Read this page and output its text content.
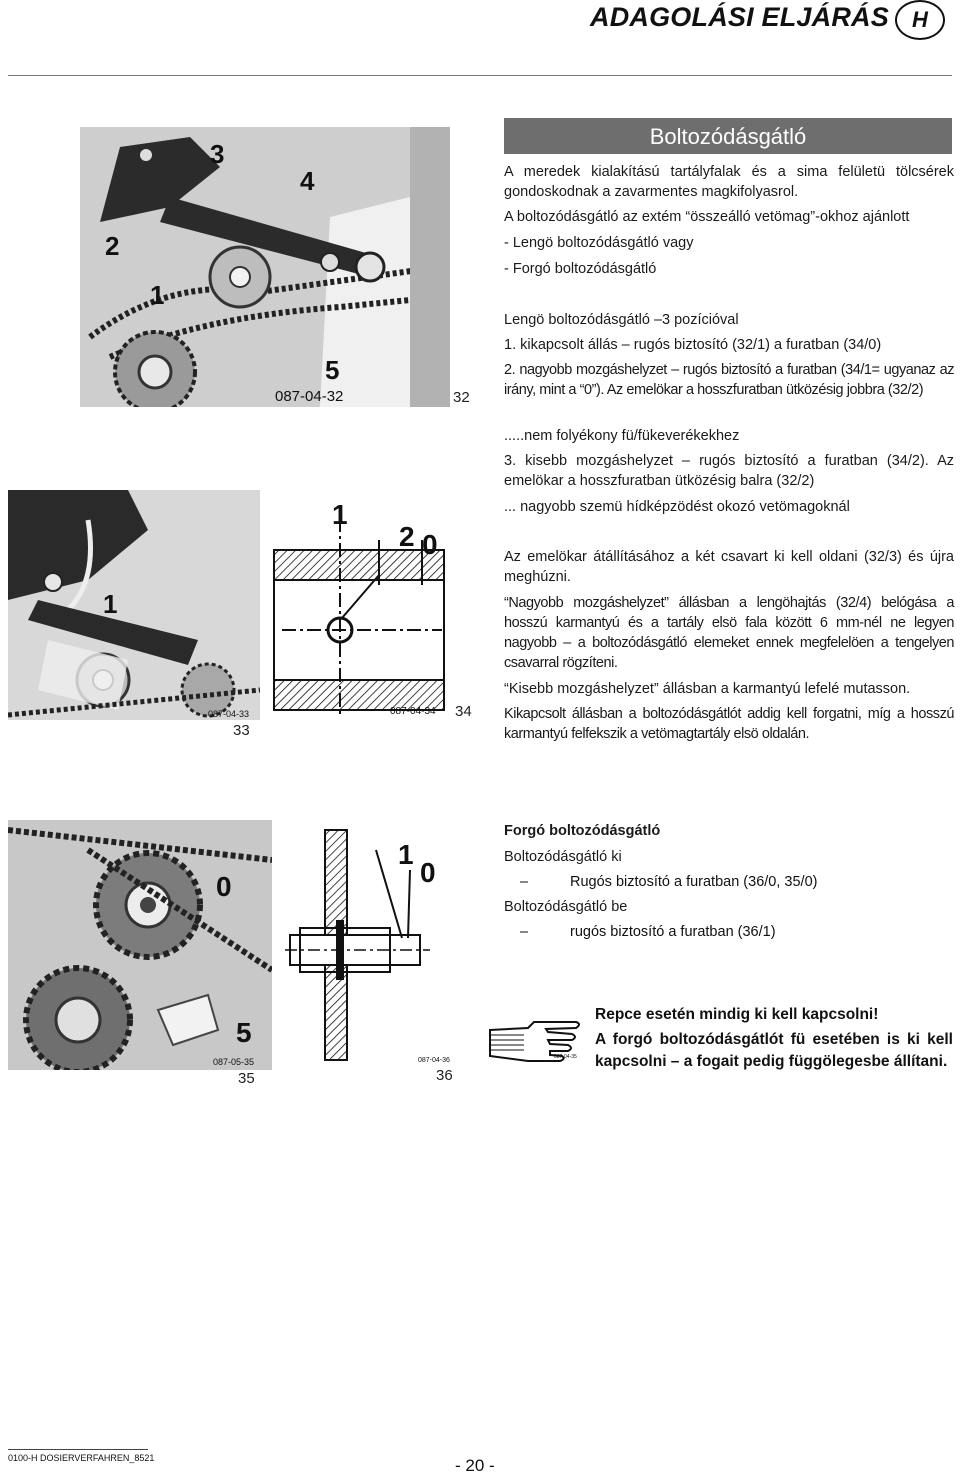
ADAGOLÁSI ELJÁRÁS	H
Boltozódásgátló
A meredek kialakítású tartályfalak és a sima felületü tölcsérek gondoskodnak a zavarmentes magkifolyasrol.
A boltozódásgátló az extém “összeálló vetömag”-okhoz ajánlott
- Lengö boltozódásgátló vagy
- Forgó boltozódásgátló
Lengö boltozódásgátló –3 pozícióval
1. kikapcsolt állás – rugós biztosító (32/1) a furatban (34/0)
2. nagyobb mozgáshelyzet – rugós biztosító a furatban (34/1= ugyanaz az irány, mint a “0”). Az emelökar a hosszfuratban ütközésig jobbra (32/2)
.....nem folyékony fü/fükeverékekhez
3. kisebb mozgáshelyzet – rugós biztosító a furatban (34/2). Az emelökar a hosszfuratban ütközésig balra (32/2)
... nagyobb szemü hídképzödést okozó vetömagoknál
Az emelökar átállításához a két csavart ki kell oldani (32/3) és újra meghúzni.
“Nagyobb mozgáshelyzet” állásban a lengöhajtás (32/4) belógása a hosszú karmantyú és a tartály elsö fala között 6 mm-nél ne legyen nagyobb – a boltozódásgátló elemeket ennek megfelelöen a tengelyen csavarral rögzíteni.
“Kisebb mozgáshelyzet” állásban a karmantyú lefelé mutasson.
Kikapcsolt állásban a boltozódásgátlót addig kell forgatni, míg a hosszú karmantyú felfekszik a vetömagtartály elsö oldalán.
2
3
4
1
5
087-04-32	32
1
087-04-33
33
1
2 0
087-04-34 34
0
5
087-05-35
35
1
0
087-04-36
36
Forgó boltozódásgátló
Boltozódásgátló ki
–	Rugós biztosító a furatban (36/0, 35/0)
Boltozódásgátló be
–	rugós biztosító a furatban (36/1)
087-04-35
Repce esetén mindig ki kell kapcsolni!
A forgó boltozódásgátlót fü esetében is ki kell kapcsolni – a fogait pedig függölegesbe állítani.
0100-H DOSIERVERFAHREN_8521	- 20 -
